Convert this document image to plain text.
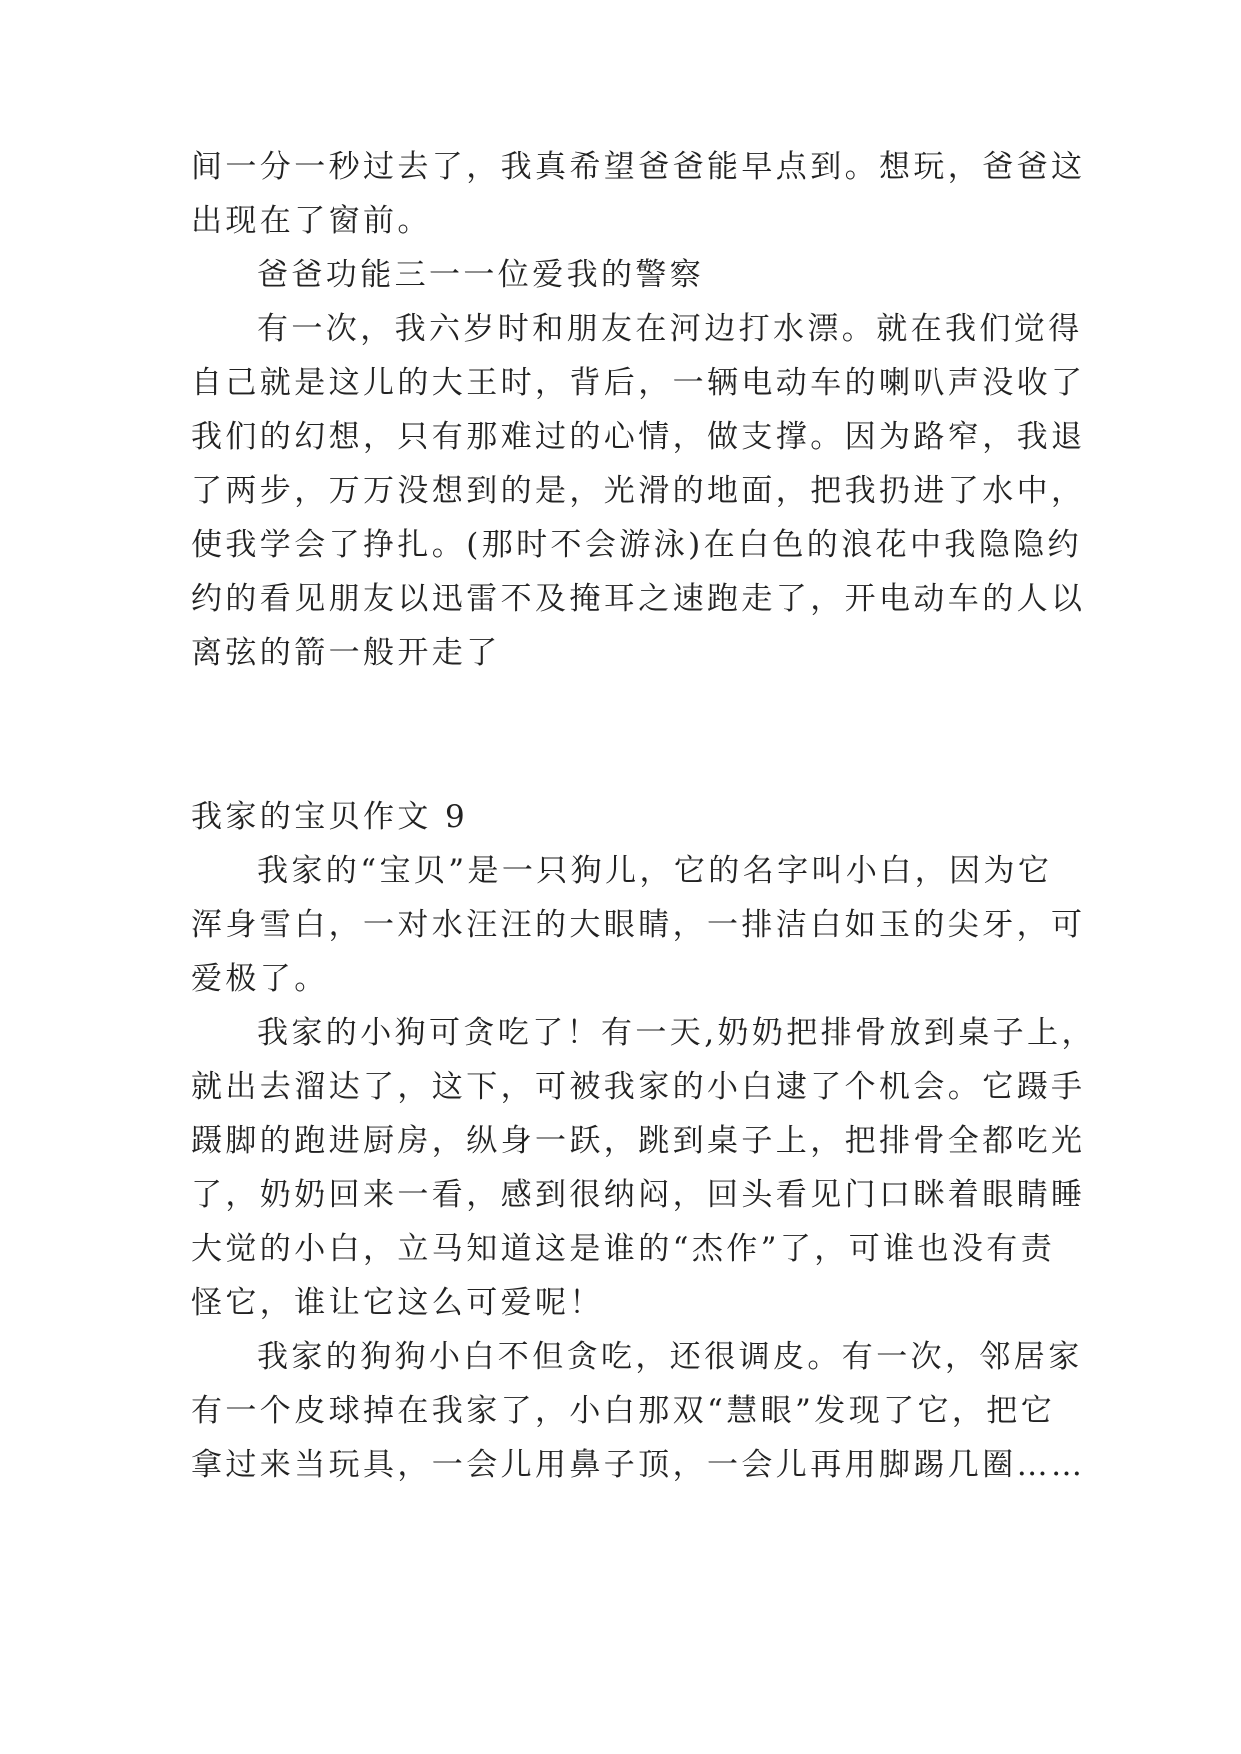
间一分一秒过去了，我真希望爸爸能早点到。想玩，爸爸这
出现在了窗前。
爸爸功能三一一位爱我的警察
有一次，我六岁时和朋友在河边打水漂。就在我们觉得
自己就是这儿的大王时，背后，一辆电动车的喇叭声没收了
我们的幻想，只有那难过的心情，做支撑。因为路窄，我退
了两步，万万没想到的是，光滑的地面，把我扔进了水中，
使我学会了挣扎。(那时不会游泳)在白色的浪花中我隐隐约
约的看见朋友以迅雷不及掩耳之速跑走了，开电动车的人以
离弦的箭一般开走了
我家的宝贝作文 9
我家的“宝贝”是一只狗儿，它的名字叫小白，因为它
浑身雪白，一对水汪汪的大眼睛，一排洁白如玉的尖牙，可
爱极了。
我家的小狗可贪吃了！有一天,奶奶把排骨放到桌子上，
就出去溜达了，这下，可被我家的小白逮了个机会。它蹑手
蹑脚的跑进厨房，纵身一跃，跳到桌子上，把排骨全都吃光
了，奶奶回来一看，感到很纳闷，回头看见门口眯着眼睛睡
大觉的小白，立马知道这是谁的“杰作”了，可谁也没有责
怪它，谁让它这么可爱呢！
我家的狗狗小白不但贪吃，还很调皮。有一次，邻居家
有一个皮球掉在我家了，小白那双“慧眼”发现了它，把它
拿过来当玩具，一会儿用鼻子顶，一会儿再用脚踢几圈……
